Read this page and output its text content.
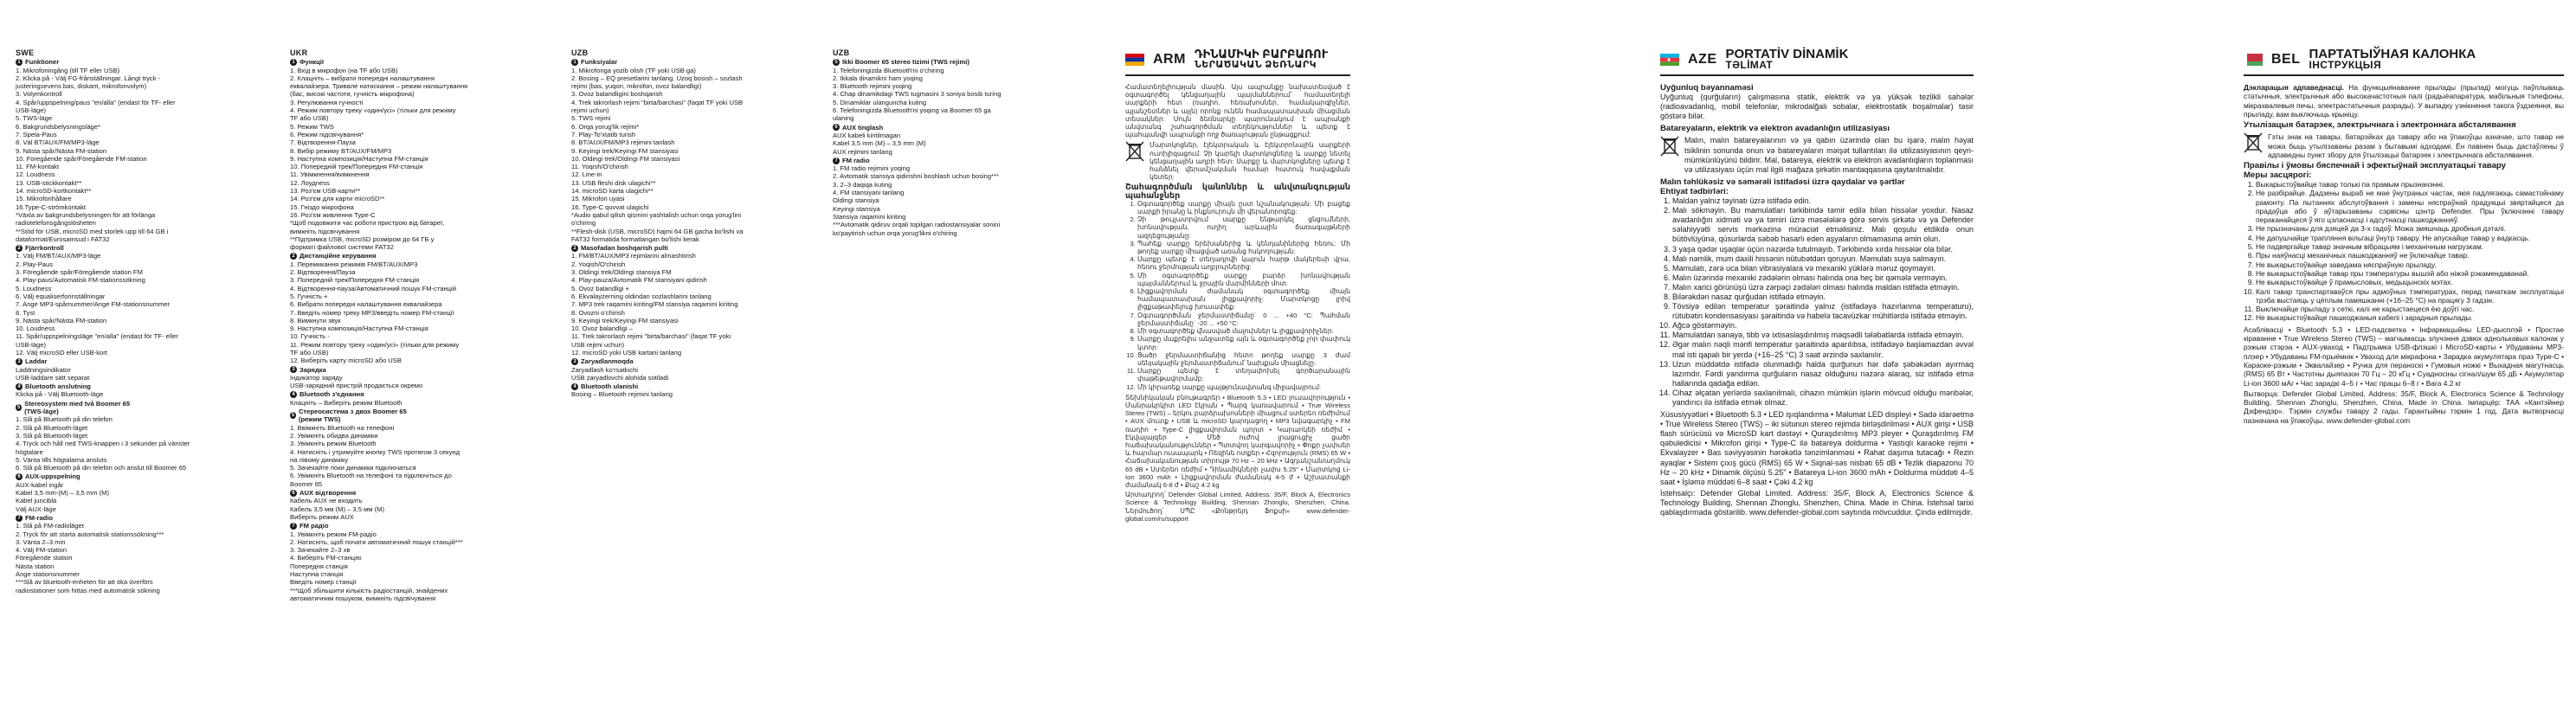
SWE
1 Funktioner
1. Mikrofoningång (till TF eller USB)
2. Klicka på - Välj FG-frånställningar. Långt tryck -
justeringsevens bas, diskant, mikrofonvolym)
3. Volymkontroll
4. Spår/uppspelning/paus "en/alla" (endast för TF- eller
USB-läge)
5. TWS-läge
6. Bakgrundsbelysningsläge*
7. Spela-Paus
8. Väl BT/AUX/FM/MP3-läge
9. Nästa spår/Nästa FM-station
10. Föregående spår/Föregående FM-station
11. FM-kontakt
12. Loudness
13. USB-stickkontakt**
14. microSD-kortkontakt**
15. Mikrofonhållare
16.Type-C-strömkontakt
*Växla av bakgrundsbelysningen för att förlänga
radiotelefonsgångslösheten
**Stöd för USB, microSD med storlek upp till 64 GB i
dataformat/Eurosamsud i FAT32
2 Fjärrkontroll
1. Välj FM/BT/AUX/MP3-läge
2. Play-Paus
3. Föregående spår/Föregående station FM
4. Play-paus/Automatisk FM-stationssökning
5. Loudness
6. Välj equaliserforinställningar
7. Ange MP3-spårnummer/Ange FM-stationsnummer
8. Tyst
9. Nästa spår/Nästa FM-station
10. Loudness
11. Spår/uppspelningsläge "en/alla" (endast för TF- eller
USB-läge)
12. Välj microSD eller USB-kort
3 Laddar
Laddningsindikator
USB-laddare sätt separat
4 Bluetooth anslutning
Klicka på - Välj Bluetooth-läge
5
Stereosystem med två Boomer 65 (TWS-läge)
1. Slå på Bluetooth på din telefon
2. Slå på Bluetooth-läget
3. Slå på Bluetooth-läget
4. Tryck och håll ned TWS-knappen i 3 sekunder på vänster
högtalare
5. Vänta tills högtalarna ansluts
6. Slå på Bluetooth på din telefon och anslut till Boomer 65
6 AUX-uppspelning
AUX-kabel ingår
Kabel 3,5 mm-(M) – 3,5 mm (M)
Kabel juncibla
Välj AUX-läge
7 FM-radio
1. Slå på FM-radioläget
2. Tryck för att starta automatisk stationssökning***
3. Vänta 2–3 min
4. Välj FM-station
Föregående station
Nästa station
Ange stationsnummer
***Slå av bluetooth-enheten för att öka överförs
radiostationer som hittas med automatisk sökning
UKR
1 Функції
1. Вхід в мікрофон (на TF або USB)
2. Клацніть – вибрати попередні налаштування
еквалайзера. Тривале натискання – режим налаштування
(бас, високі частоти, гучність мікрофона)
3. Регулювання гучності
4. Режим повтору треку «один/усі» (тільки для режиму
TF або USB)
5. Режим TWS
6. Режим підсвічування*
7. Відтворення-Пауза
8. Вибір режиму BT/AUX/FM/MP3
9. Наступна композиція/Наступна FM-станція
10. Попередній трек/Попередня FM-станція
11. Увімкнення/вимкнення
12. Лоудness
13. Роз'єм USB-карти**
14. Роз'єм для карти microSD**
15. Гніздо мікрофона
16. Роз'єм живлення Type-C
*Щоб подовжити час роботи пристрою від батареї,
вимкніть підсвічування
**Підтримка USB, microSD розміром до 64 ГБ у
форматі файлової системи FAT32
2 Дистанційне керування
1. Перемикання режимів FM/BT/AUX/MP3
2. Відтворення/Пауза
3. Попередній трек/Попередня FM-станція
4. Відтворення-пауза/Автоматичний пошук FM-станцій
5. Гучність +
6. Вибрати попередні налаштування еквалайзера
7. Введіть номер треку MP3/введіть номер FM-станції
8. Вимкнути звук
9. Наступна композиція/Наступна FM-станція
10. Гучність -
11. Режим повтору треку «один/усі» (тільки для режиму
TF або USB)
12. Виберіть карту microSD або USB
3 Зарядка
Індикатор заряду
USB-зарядний пристрій продається окремо
4 Bluetooth з'єднання
Клацніть – Виберіть режим Bluetooth
5
Стереосистема з двох Boomer 65 (режим TWS)
1. Ввімкніть Bluetooth на телефоні
2. Увімкніть обидва динаміки
3. Увімкніть режим Bluetooth
4. Натисніть і утримуйте кнопку TWS протягом 3 секунд
на лівому динаміку
5. Зачекайте поки динаміки підключаться
6. Увімкніть Bluetooth на телефоні та підключіться до
Boomer 65
6 AUX відтворення
Кабель AUX не входить
Кабель 3,5 мм (M) – 3,5 мм (M)
Виберіть режим AUX
7 FM радіо
1. Увімкніть режим FM-радіо
2. Натисніть, щоб почати автоматичний пошук станцій***
3. Зачекайте 2–3 хв
4. Виберіть FM-станцію
Попередня станція
Наступна станція
Введіть номер станції
***Щоб збільшити кількість радіостанцій, знайдених
автоматичним пошуком, вимкніть підсвічування
UZB
1 Funksiyalar
1. Mikrofonga yozib olish (TF yoki USB ga)
2. Bosing – EQ presetlarini tanlang. Uzoq bosish – sozlash
rejimi (bas, yuqori, mikrofon, ovoz balandligi)
3. Ovoz balandligini boshqarish
4. Trek takrorlash rejimi "birta/barchasi" (faqat TF yoki USB
rejimi uchun)
5. TWS rejimi
6. Orqa yorug'lik rejimi*
7. Play-To'xtatib turish
8. BT/AUX/FM/MP3 rejimini tanlash
9. Keyingi trek/Keyingi FM stansiyasi
10. Oldingi trek/Oldingi FM stansiyasi
11. Yoqish/O'chirish
12. Line-in
13. USB fleshi disk ulagichi**
14. microSD karta ulagichi**
15. Mikrofon uyasi
16. Type-C quvvat ulagichi
*Audio qabul qilish qismini yashtalish uchun orqa yorug'lini
o'chiring
**Flesh-disk (USB, microSD) hajmi 64 GB gacha bo'lishi va
FAT32 formatida formatlangan bo'lishi kerak
2 Masofadan boshqarish pulti
1. FM/BT/AUX/MP3 rejimlarini almashtirish
2. Yoqish/O'chirish
3. Oldingi trek/Oldingi stansiya FM
4. Play-pauza/Avtomatik FM stansiyani qidirish
5. Ovoz balandligi +
6. Ekvalayzerning oldindan sozlashlarini tanlang
7. MP3 trek raqamini kiriting/FM stansiya raqamini kiriting
8. Ovozni o'chirish
9. Keyingi trek/Keyingi FM stansiyasi
10. Ovoz balandligi –
11. Trek takrorlash rejimi "birta/barchasi" (faqat TF yoki
USB rejimi uchun)
12. microSD yoki USB kartani tanlang
3 Zaryadlanmoqda
Zaryadlash ko'rsatkichi
USB zaryadlovchi alohida sotiladi
4 Bluetooth ulanishi
Bosing – Bluetooth rejimini tanlang
UZB
5 Ikki Boomer 65 stereo tizimi (TWS rejimi)
1. Telefoningizda Bluetooth'ni o'chiring
2. Ikkala dinamikni ham yoqing
3. Bluetooth rejimini yoqing
4. Chap dinamikdagi TWS tugmasini 3 soniya bosib turing
5. Dinamiklar ulanguncha kuting
6. Telefoningizda Bluetooth'ni yoqing va Boomer 65 ga
ulaning
6 AUX tinglash
AUX kabeli kiritilmagan
Kabel 3,5 mm (M) – 3,5 mm (M)
AUX rejimini tanlang
7 FM radio
1. FM radio rejimini yoqing
2. Avtomatik stansiya qidirishni boshlash uchun bosing***
3. 2–3 daqiqa kuting
4. FM stansiyani tanlang
Oldingi stansiya
Keyingi stansiya
Stansiya raqamini kiriting
***Avtomatik qidiruv orqali topilgan radiostansiyalar sonini
ko'paytirish uchun orqa yorug'likni o'chiring
ARM ԴԻՆԱՄԻԿԻ ԲԱՐԲԱՌՈՒ
ՆԵՐԱԾԱԿԱՆ ՁԵՌՆԱՐԿ

Համատեղելիության մասին. Այս ապրանքը նախատեսված է օգտագործել կենցաղային պայմաններում՝ համատեղելի սարքերի հետ (ռադիո, հեռախոսներ, համակարգիչներ, պլանշետներ և այլն) որոնք ունեն համապատասխան միացման տեսակներ: Սույն ձեռնարկը պարունակում է ապրանքի անվտանգ շահագործման տեղեկություններ և պետք է պահպանվի ապրանքի ողջ ծառայության ընթացքում:

Մարտկոցներ, էլեկտրական և էլեկտրոնային սարքերի ուտիլիզացում. Չի կարելի մարտկոցները և սարքը նետել կենցաղային աղբի հետ: Սարքը և մարտկոցները պետք է հանձնել վերամշակման համար հատուկ հավաքման կետեր:

Շահագործման կանոններ և անվտանգության պահանջներ
1. Օգտագործեք սարքը միայն ըստ նշանակության: Մի բացեք սարքի իրանը և ինքնուրույն մի վերանորոգեք:
2. Չի թույլատրվում սարքը ենթարկել ցնցումների, խոնավության, ուղիղ արևային ճառագայթների ազդեցությանը:
3. Պահեք սարքը երեխաներից և կենդանիներից հեռու: Մի թողեք սարքը միացված առանց հսկողության:
4. Սարքը պետք է տեղադրվի կայուն հարթ մակերեսի վրա, հեռու ջերմության աղբյուրներից:
5. Մի օգտագործեք սարքը բարձր խոնավության պայմաններում և ջրային մարմինների մոտ:
6. Լիցքավորման ժամանակ օգտագործեք միայն համապատասխան լիցքավորիչ: Մարտկոցը լրիվ լիցքաթափելուց խուսափեք:
7. Օգտագործման ջերմաստիճանը` 0 ... +40 °C: Պահման ջերմաստիճանը` -20 ... +50 °C:
8. Մի օգտագործեք վնասված մալուխներ և լիցքավորիչներ:
9. Սարքը մաքրելիս անջատեք այն և օգտագործեք չոր փափուկ կտոր:
10. Ցածր ջերմաստիճանից հետո թողեք սարքը 3 ժամ սենյակային ջերմաստիճանում՝ նախքան միացնելը:
11. Սարքը պետք է տեղափոխել գործարանային փաթեթավորմամբ:
12. Մի կիրառեք սարքը պայթյունավտանգ միջավայրում:

Տեխնիկական բնութագրեր • Bluetooth 5.3 • LED լուսավորություն • Մանրակրկիտ LED էկրան • Պարզ կառավարում • True Wireless Stereo (TWS) – երկու բարձրախոսների միացում ստերեո ռեժիմում • AUX մուտք • USB և microSD կարդացող • MP3 նվագարկիչ • FM ռադիո • Type-C լիցքավորման պորտ • Կարաոկեի ռեժիմ • Էկվալայզեր • Մեծ ուժով լրացուցիչ ցածր հաճախականություններ • Պտտվող կարգավորիչ • Փոքր չափսեր և հարմար ուսապարկ • Ռեզինե ոտքեր • Հզորություն (RMS) 65 W • Հաճախականության տիրույթ 70 Hz – 20 kHz • Ազդանշան/աղմուկ 65 dB • Ստերեո ռեժիմ • Դինամիկների չափս 5.25" • Մարտկոց Li-Ion 3600 mAh • Լիցքավորման ժամանակ 4-5 ժ • Աշխատանքի ժամանակ 6-8 ժ • Քաշ 4.2 kg

Արտադրող՝ Defender Global Limited, Address: 35/F, Block A, Electronics Science & Technology Building, Shennan Zhonglu, Shenzhen, China. Ներմուծող՝ ՍՊԸ «Քոնթրեյդ Ֆոքսի» www.defender-global.com/ru/support

AZE PORTATİV DİNAMİK
TƏLİMAT
Uyğunluq bəyannaməsi

Uyğunluq (qurğuların) çalışmasına statik, elektrik və ya yüksək tezlikli sahələr (radioavadanlıq, mobil telefonlar, mikrodalğalı sobalar, elektrostatik boşalmalar) təsir göstərə bilər.

Batareyaların, elektrik və elektron avadanlığın utilizasiyası

Malın, malın batareyalarının və ya qabın üzərində olan bu işarə, malın həyat tsiklinin sonunda onun və batareyaların məişət tullantıları ilə utilizasiyasının qeyri-mümkünlüyünü bildirir. Mal, batareya, elektrik və elektron avadanlıqların toplanması və utilizasiyası üçün mal ilgili mağaza şirkətin mantaqqasına qaytarılmalıdır.

Malın təhlükəsiz və səmərəli istifadəsi üzrə qaydalar və şərtlər
Ehtiyat tədbirləri:
1. Maldan yalnız təyinatı üzrə istifadə edin.
2. Malı sökməyin. Bu mamulatları tərkibində təmir edilə bilən hissələr yoxdur. Nasaz avadanlığın xidməti və ya təmiri üzrə məsələlərə görə servis şirkətə və ya Defender səlahiyyətli servis mərkəzinə müraciət etməlisiniz. Malı qoşulu etdikdə onun bütövlüyünə, qüsurlarda səbəb hasarlı eden aşyaların olmamasına əmin olun.
3. 3 yaşa qədər uşaqlar üçün nəzərdə tutulmayıb. Tərkibində xırda hissələr ola bilər.
4. Malı nəmlik, mum daxili hissənin nütubətdən qoruyun. Məmulatı suya salmayın.
5. Mamulatı, zərə uca bilan vibrasiyalara və mexaniki yüklərə məruz qoymayın.
6. Malın üzərində mexaniki zədələrin olması halında ona heç bir qəmələ verməyin.
7. Malın xarici görünüşü üzrə zərpəçi zədələri olması halında maldan istifadə etməyin.
8. Bilərəkdən nasaz qurğudan istifadə etməyin.
9. Tövsiyə edilən temperatur şəraitində yalnız (istifadəyə hazırlanma temperaturu), rütubətin kondensasiyası şəraitində və habelə tacavüzkar mühitlərdə istifadə etməyin.
10. Ağcə göstərməyin.
11. Mamulatdan sanayə, tibb və ixtisaslaşdırılmış məqsədli tələbatlarda istifadə etməyin.
12. Əgər malın nəqli mənfi temperatur şəraitində aparılıbsa, istifadəyə başlamazdan əvvəl mal isti qapalı bir yerdə (+16–25 °C) 3 saat ərzində saxlanılır.
13. Uzun müddətdə istifadə olunmadığı halda qurğunun hər dəfə şəbəkədən ayırmaq lazımdır. Fərdi yandırma qurğuların nasaz olduğunu nəzərə alaraq, siz istifadə etmə hallarında qadağa edilən.
14. Cihaz əlçatan yerlərdə saxlanılmalı, cihazın mümkün işlərin mövcud olduğu mənbələr, yandırıcı ilə istifadə etmək olmaz.

Xüsusiyyətləri • Bluetooth 5.3 • LED işıqlandırma • Məlumat LED displeyi • Sadə idarəetmə • True Wireless Stereo (TWS) – iki sütunun stereo rejimdə birləşdirilməsi • AUX girişi • USB flash sürücüsü və MicroSD kart dəstəyi • Quraşdırılmış MP3 pleyer • Quraşdırılmış FM qəbuledicisi • Mikrofon girişi • Type-C ilə batareya doldurma • Yastıqlı karaoke rejimi • Ekvalayzer • Bas səviyyəsinin hərəkətlə tənzimlənməsi • Rahat daşıma tutacağı • Rezin ayaqlar • Sistem çıxış gücü (RMS) 65 W • Siqnal-səs nisbəti 65 dB • Tezlik diapazonu 70 Hz – 20 kHz • Dinamik ölçüsü 5.25" • Batareya Li-ion 3600 mAh • Doldurma müddəti 4–5 saat • İşləmə müddəti 6–8 saat • Çəki 4.2 kg

İstehsalçı: Defender Global Limited. Address: 35/F, Block A, Electronics Science & Technology Building, Shennan Zhonglu, Shenzhen, China. Made in China. İstehsal tarixi qablaşdırmada göstərilib. www.defender-global.com saytında mövcuddur. Çində edilmişdir.

BEL ПАРТАТЫЎНАЯ КАЛОНКА
ІНСТРУКЦЫЯ

Дэкларацыя адпаведнасці. На функцыянаванне прылады (прылад) могуць паўплываць статычныя, электрычныя або высокачастотныя палі (радыёапаратура, мабільныя тэлефоны, мікрахвалевыя печы, электрастатычныя разрады). У выпадку узнікнення такога ўздзеяння, вы прыладу, вам выключыць крыніцу.

Утылізацыя батарэек, электрычнага і электроннага абсталявання

Гэты знак на тавары, батарэйках да тавару або на ўпакоўцы азначае, што тавар не можа быць утылізаваны разам з бытавымі адходамі. Ён павінен быць дастаўлены ў адпаведны пункт збору для ўтылізацыі батарэек і электрычнага абсталявання.

Правілы і ўмовы бяспечнай і эфектыўнай эксплуатацыі тавару
Меры засцярогі:
1. Выкарыстоўвайце тавар толькі па прамым прызначэнні.
2. Не разбірайце. Дадзены выраб не мае ўнутраных частак, якія падлягаюць самастойнаму рамонту. Па пытаннях абслугоўвання і замены няспраўнай прадукцыі звяртайцеся да прадаўца або ў аўтарызаваны сэрвісны цэнтр Defender. Пры ўключэнні тавару пераканайцеся ў яго цэласнасці і адсутнасці пашкоджанняў.
3. Не прызначаны для дзяцей да 3-х гадоў. Можа змяшчаць дробныя дэталі.
4. Не дапушчайце трапляння вільгаці ўнутр тавару. Не апускайце тавар у вадкасць.
5. Не падвяргайце тавар значным вібрацыям і механічным нагрузкам.
6. Пры наяўнасці механічных пашкоджанняў не ўключайце тавар.
7. Не выкарыстоўвайце заведама няспраўную прыладу.
8. Не выкарыстоўвайце тавар пры тэмпературы вышэй або ніжэй рэкамендаванай.
9. Не выкарыстоўвайце ў прамысловых, медыцынскіх мэтах.
10. Калі тавар транспартаваўся пры адмоўных тэмпературах, перад пачаткам эксплуатацыі трэба выстаяць у цёплым памяшканні (+16–25 °C) на працягу 3 гадзін.
11. Выключайце прыладу з сеткі, калі не карыстаецеся ёю доўгі час.
12. Не выкарыстоўвайце пашкоджаныя кабелі і зарадныя прылады.

Асаблівасці • Bluetooth 5.3 • LED-падсветка • Інфармацыйны LED-дысплэй • Простае кіраванне • True Wireless Stereo (TWS) – магчымасць злучэння дзвюх аднолькавых калонак у рэжым стэрэа • AUX-уваход • Падтрымка USB-флэшкі і MicroSD-карты • Убудаваны MP3-плэер • Убудаваны FM-прыёмнік • Уваход для мікрафона • Зарадка акумулятара праз Type-C • Караоке-рэжым • Эквалайзер • Ручка для пераноскі • Гумовыя ножкі • Выхадная магутнасць (RMS) 65 Вт • Частотны дыяпазон 70 Гц – 20 кГц • Суадносіны сігнал/шум 65 дБ • Акумулятар Li-ion 3600 мАг • Час зарадкі 4–5 г • Час працы 6–8 г • Вага 4.2 кг

Вытворца: Defender Global Limited, Address: 35/F, Block A, Electronics Science & Technology Building, Shennan Zhonglu, Shenzhen, China. Made in China. Імпарцёр: ТАА «Кантэйнер Дэфендэр». Тэрмін службы тавару 2 гады. Гарантыйны тэрмін 1 год. Дата вытворчасці пазначана на ўпакоўцы. www.defender-global.com
